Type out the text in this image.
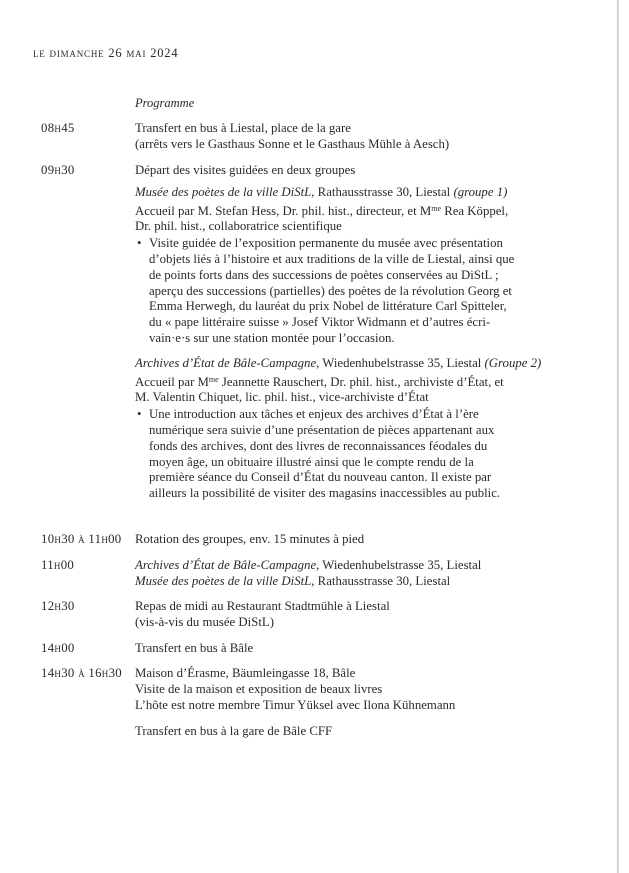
le dimanche 26 mai 2024
Programme
08h45	Transfert en bus à Liestal, place de la gare
(arrêts vers le Gasthaus Sonne et le Gasthaus Mühle à Aesch)
09h30	Départ des visites guidées en deux groupes
Musée des poètes de la ville DiStL, Rathausstrasse 30, Liestal (groupe 1)
Accueil par M. Stefan Hess, Dr. phil. hist., directeur, et $M^{me}$ Rea Köppel,
Dr. phil. hist., collaboratrice scientifique
• Visite guidée de l’exposition permanente du musée avec présentation
d’objets liés à l’histoire et aux traditions de la ville de Liestal, ainsi que
de points forts dans des successions de poètes conservées au DiStL ;
aperçu des successions (partielles) des poètes de la révolution Georg et
Emma Herwegh, du lauréat du prix Nobel de littérature Carl Spitteler,
du « pape littéraire suisse » Josef Viktor Widmann et d’autres écri-
vain·e·s sur une station montée pour l’occasion.
Archives d’État de Bâle-Campagne, Wiedenhubelstrasse 35, Liestal (Groupe 2)
Accueil par $M^{me}$ Jeannette Rauschert, Dr. phil. hist., archiviste d’État, et
M. Valentin Chiquet, lic. phil. hist., vice-archiviste d’État
• Une introduction aux tâches et enjeux des archives d’État à l’ère
numérique sera suivie d’une présentation de pièces appartenant aux
fonds des archives, dont des livres de reconnaissances féodales du
moyen âge, un obituaire illustré ainsi que le compte rendu de la
première séance du Conseil d’État du nouveau canton. Il existe par
ailleurs la possibilité de visiter des magasins inaccessibles au public.
10h30 à 11h00 Rotation des groupes, env. 15 minutes à pied
11h00	Archives d’État de Bâle-Campagne, Wiedenhubelstrasse 35, Liestal
Musée des poètes de la ville DiStL, Rathausstrasse 30, Liestal
12h30	Repas de midi au Restaurant Stadtmühle à Liestal
(vis-à-vis du musée DiStL)
14h00	Transfert en bus à Bâle
14h30 à 16h30 Maison d’Érasme, Bäumleingasse 18, Bâle
Visite de la maison et exposition de beaux livres
L’hôte est notre membre Timur Yüksel avec Ilona Kühnemann
Transfert en bus à la gare de Bâle CFF
